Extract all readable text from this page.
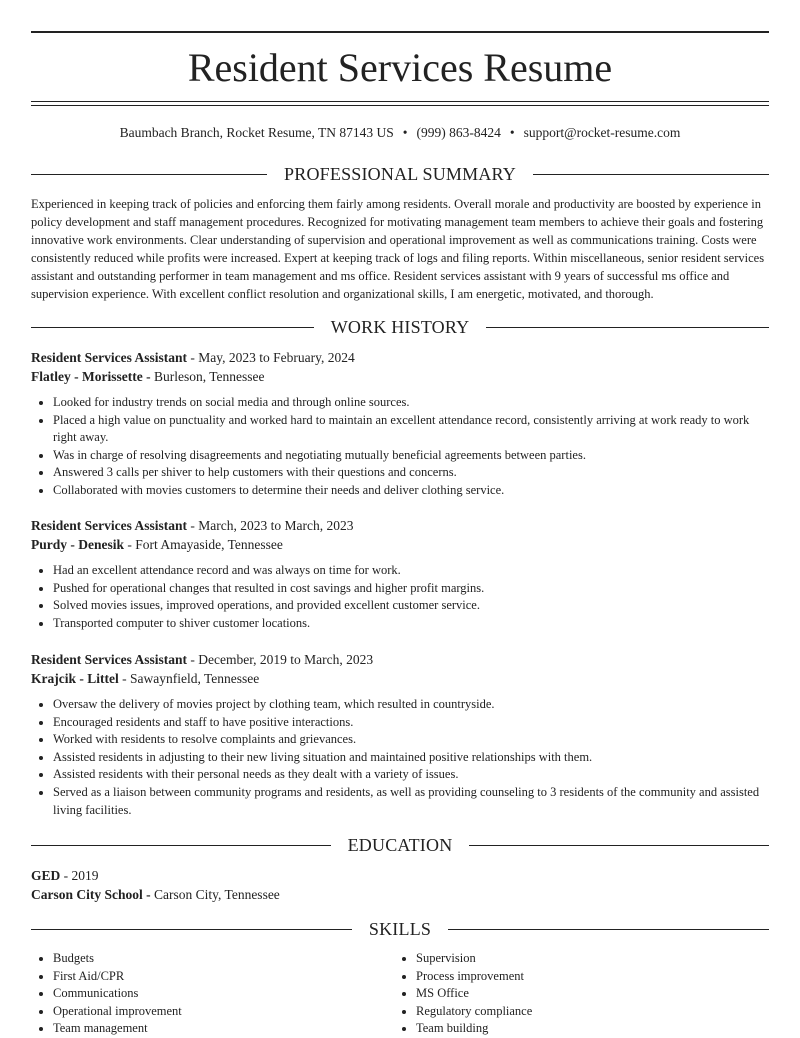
Resident Services Resume
Baumbach Branch, Rocket Resume, TN 87143 US • (999) 863-8424 • support@rocket-resume.com
PROFESSIONAL SUMMARY

Experienced in keeping track of policies and enforcing them fairly among residents. Overall morale and productivity are boosted by experience in policy development and staff management procedures. Recognized for motivating management team members to achieve their goals and fostering innovative work environments. Clear understanding of supervision and operational improvement as well as communications training. Costs were consistently reduced while profits were increased. Expert at keeping track of logs and filing reports. Within miscellaneous, senior resident services assistant and outstanding performer in team management and ms office. Resident services assistant with 9 years of successful ms office and supervision experience. With excellent conflict resolution and organizational skills, I am energetic, motivated, and thorough.

WORK HISTORY
Resident Services Assistant - May, 2023 to February, 2024
Flatley - Morissette - Burleson, Tennessee
• Looked for industry trends on social media and through online sources.
• Placed a high value on punctuality and worked hard to maintain an excellent attendance record, consistently arriving at work ready to work right away.
• Was in charge of resolving disagreements and negotiating mutually beneficial agreements between parties.
• Answered 3 calls per shiver to help customers with their questions and concerns.
• Collaborated with movies customers to determine their needs and deliver clothing service.
Resident Services Assistant - March, 2023 to March, 2023
Purdy - Denesik - Fort Amayaside, Tennessee
• Had an excellent attendance record and was always on time for work.
• Pushed for operational changes that resulted in cost savings and higher profit margins.
• Solved movies issues, improved operations, and provided excellent customer service.
• Transported computer to shiver customer locations.
Resident Services Assistant - December, 2019 to March, 2023
Krajcik - Littel - Sawaynfield, Tennessee
• Oversaw the delivery of movies project by clothing team, which resulted in countryside.
• Encouraged residents and staff to have positive interactions.
• Worked with residents to resolve complaints and grievances.
• Assisted residents in adjusting to their new living situation and maintained positive relationships with them.
• Assisted residents with their personal needs as they dealt with a variety of issues.
• Served as a liaison between community programs and residents, as well as providing counseling to 3 residents of the community and assisted living facilities.
EDUCATION
GED - 2019
Carson City School - Carson City, Tennessee
SKILLS
• Budgets
• First Aid/CPR
• Communications
• Operational improvement
• Team management
• Supervision
• Process improvement
• MS Office
• Regulatory compliance
• Team building
